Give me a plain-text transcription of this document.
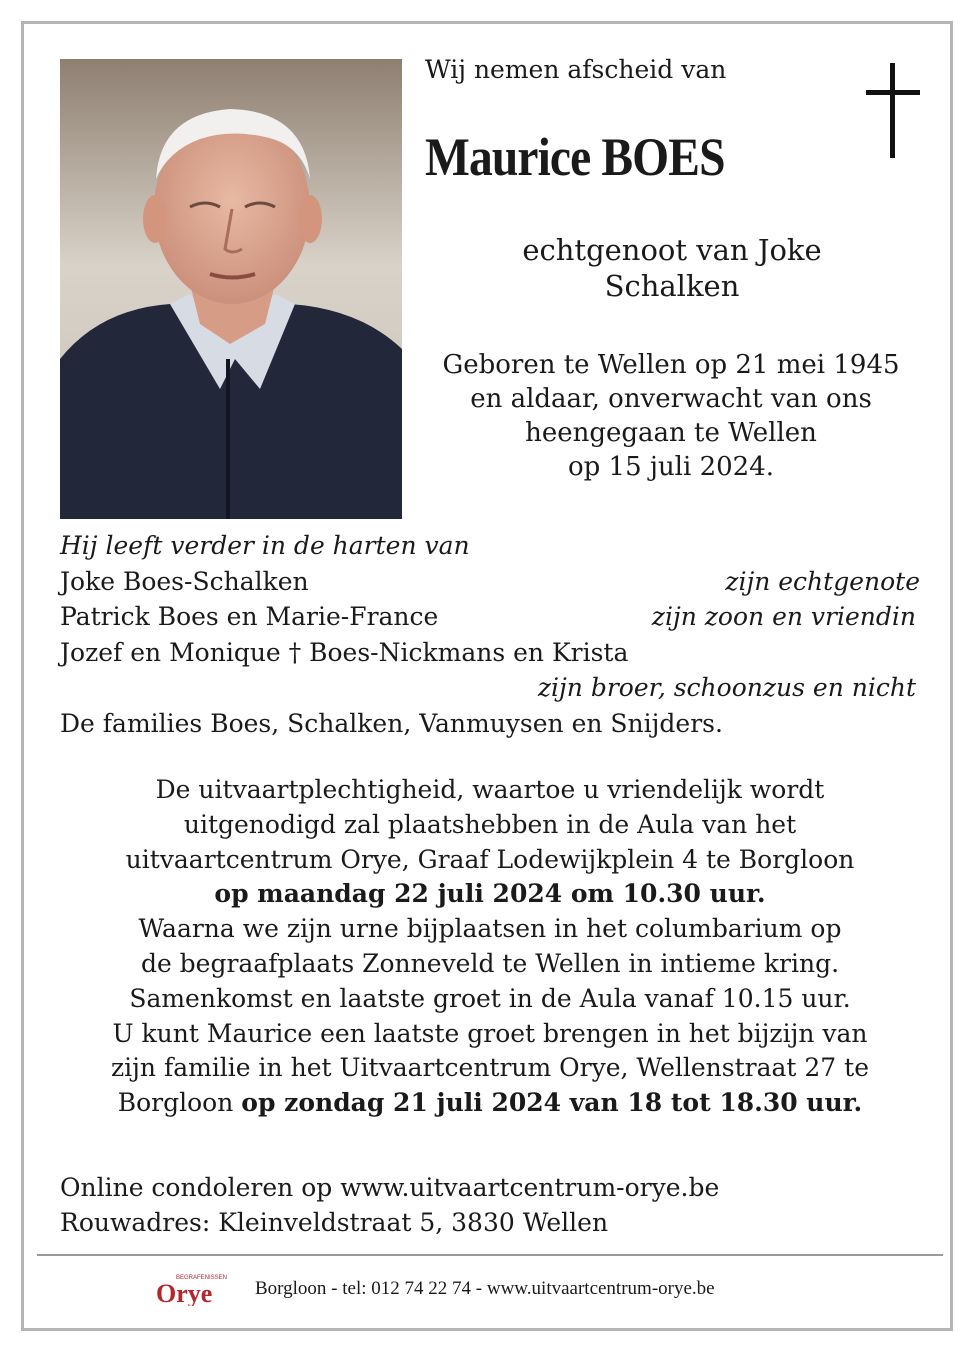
Wij nemen afscheid van
Maurice BOES
echtgenoot van Joke
Schalken
Geboren te Wellen op 21 mei 1945
en aldaar, onverwacht van ons
heengegaan te Wellen
op 15 juli 2024.
Hij leeft verder in de harten van
Joke Boes-Schalken	zijn echtgenote
Patrick Boes en Marie-France	zijn zoon en vriendin
Jozef en Monique † Boes-Nickmans en Krista
zijn broer, schoonzus en nicht
De families Boes, Schalken, Vanmuysen en Snijders.
De uitvaartplechtigheid, waartoe u vriendelijk wordt
uitgenodigd zal plaatshebben in de Aula van het
uitvaartcentrum Orye, Graaf Lodewijkplein 4 te Borgloon
op maandag 22 juli 2024 om 10.30 uur.
Waarna we zijn urne bijplaatsen in het columbarium op
de begraafplaats Zonneveld te Wellen in intieme kring.
Samenkomst en laatste groet in de Aula vanaf 10.15 uur.
U kunt Maurice een laatste groet brengen in het bijzijn van
zijn familie in het Uitvaartcentrum Orye, Wellenstraat 27 te
Borgloon op zondag 21 juli 2024 van 18 tot 18.30 uur.
Online condoleren op www.uitvaartcentrum-orye.be
Rouwadres: Kleinveldstraat 5, 3830 Wellen
BEGRAFENISSEN
Orye Borgloon - tel: 012 74 22 74 - www.uitvaartcentrum-orye.be
